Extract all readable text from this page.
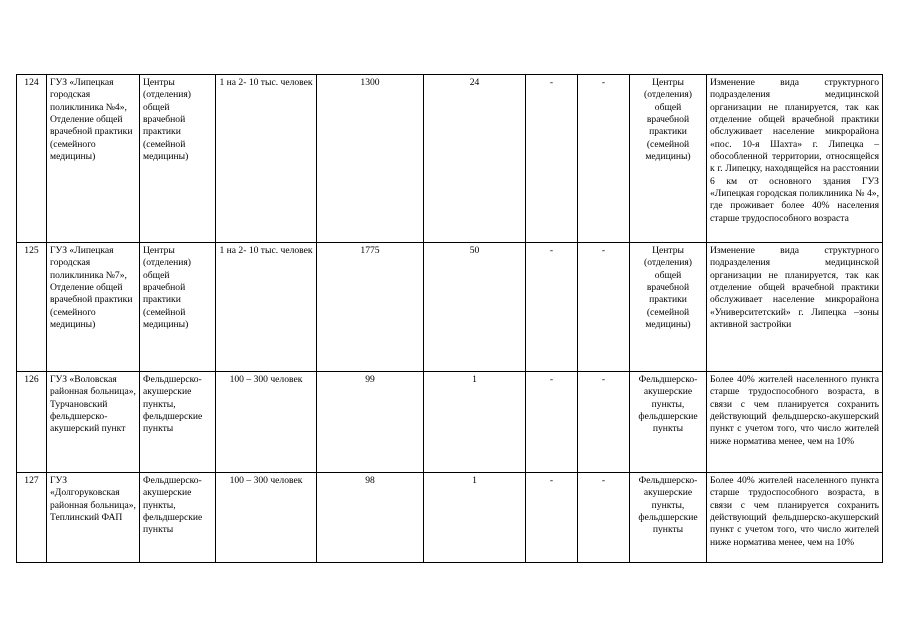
124	ГУЗ «Липецкая городская поликлиника №4», Отделение общей врачебной практики (семейного медицины)	Центры (отделения) общей врачебной практики (семейной медицины)	1 на 2- 10 тыс. человек	1300	24	-	-	Центры (отделения) общей врачебной практики (семейной медицины)	Изменение вида структурного подразделения медицинской организации не планируется, так как отделение общей врачебной практики обслуживает население микрорайона «пос. 10-я Шахта» г. Липецка – обособленной территории, относящейся к г. Липецку, находящейся на расстоянии 6 км от основного здания ГУЗ «Липецкая городская поликлиника № 4», где проживает более 40% населения старше трудоспособного возраста
125	ГУЗ «Липецкая городская поликлиника №7», Отделение общей врачебной практики (семейного медицины)	Центры (отделения) общей врачебной практики (семейной медицины)	1 на 2- 10 тыс. человек	1775	50	-	-	Центры (отделения) общей врачебной практики (семейной медицины)	Изменение вида структурного подразделения медицинской организации не планируется, так как отделение общей врачебной практики обслуживает население микрорайона «Университетский» г. Липецка –зоны активной застройки
126	ГУЗ «Воловская районная больница», Турчановский фельдшерско-акушерский пункт	Фельдшерско-акушерские пункты, фельдшерские пункты	100 – 300 человек	99	1	-	-	Фельдшерско-акушерские пункты, фельдшерские пункты	Более 40% жителей населенного пункта старше трудоспособного возраста, в связи с чем планируется сохранить действующий фельдшерско-акушерский пункт с учетом того, что число жителей ниже норматива менее, чем на 10%
127	ГУЗ «Долгоруковская районная больница», Теплинский ФАП	Фельдшерско-акушерские пункты, фельдшерские пункты	100 – 300 человек	98	1	-	-	Фельдшерско-акушерские пункты, фельдшерские пункты	Более 40% жителей населенного пункта старше трудоспособного возраста, в связи с чем планируется сохранить действующий фельдшерско-акушерский пункт с учетом того, что число жителей ниже норматива менее, чем на 10%
